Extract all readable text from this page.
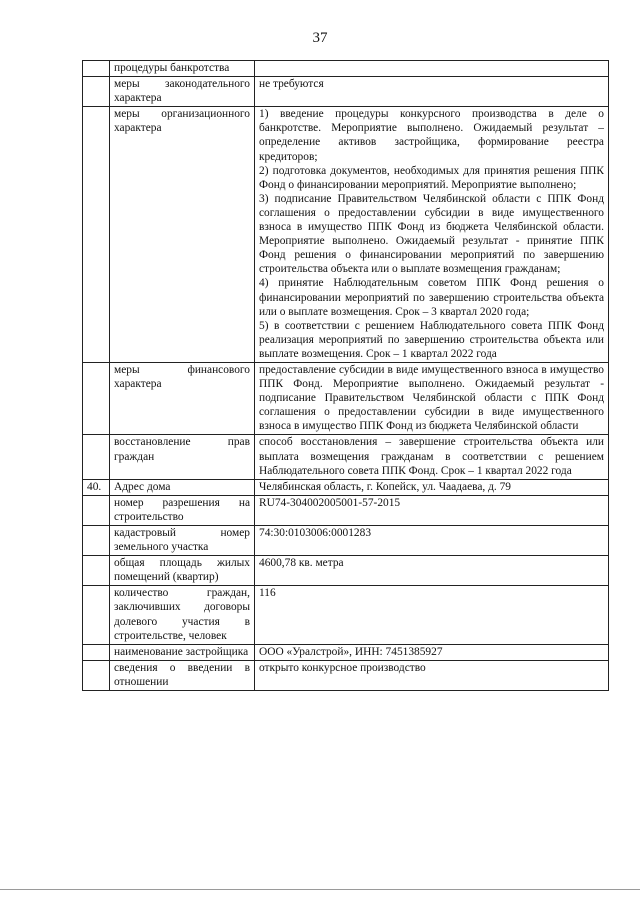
37
	процедуры банкротства	

	меры законодательного характера	не требуются

	меры организационного характера	1) введение процедуры конкурсного производства в деле о банкротстве. Мероприятие выполнено. Ожидаемый результат – определение активов застройщика, формирование реестра кредиторов;
2) подготовка документов, необходимых для принятия решения ППК Фонд о финансировании мероприятий. Мероприятие выполнено;
3) подписание Правительством Челябинской области с ППК Фонд соглашения о предоставлении субсидии в виде имущественного взноса в имущество ППК Фонд из бюджета Челябинской области. Мероприятие выполнено. Ожидаемый результат - принятие ППК Фонд решения о финансировании мероприятий по завершению строительства объекта или о выплате возмещения гражданам;
4) принятие Наблюдательным советом ППК Фонд решения о финансировании мероприятий по завершению строительства объекта или о выплате возмещения. Срок – 3 квартал 2020 года;
5) в соответствии с решением Наблюдательного совета ППК Фонд реализация мероприятий по завершению строительства объекта или выплате возмещения. Срок – 1 квартал 2022 года

	меры финансового характера	предоставление субсидии в виде имущественного взноса в имущество ППК Фонд. Мероприятие выполнено. Ожидаемый результат - подписание Правительством Челябинской области с ППК Фонд соглашения о предоставлении субсидии в виде имущественного взноса в имущество ППК Фонд из бюджета Челябинской области

	восстановление прав граждан	способ восстановления – завершение строительства объекта или выплата возмещения гражданам в соответствии с решением Наблюдательного совета ППК Фонд. Срок – 1 квартал 2022 года

40.	Адрес дома	Челябинская область, г. Копейск, ул. Чаадаева, д. 79

	номер разрешения на строительство	RU74-304002005001-57-2015

	кадастровый номер земельного участка	74:30:0103006:0001283

	общая площадь жилых помещений (квартир)	4600,78 кв. метра

	количество граждан, заключивших договоры долевого участия в строительстве, человек	116

	наименование застройщика	ООО «Уралстрой», ИНН: 7451385927

	сведения о введении в отношении	открыто конкурсное производство
